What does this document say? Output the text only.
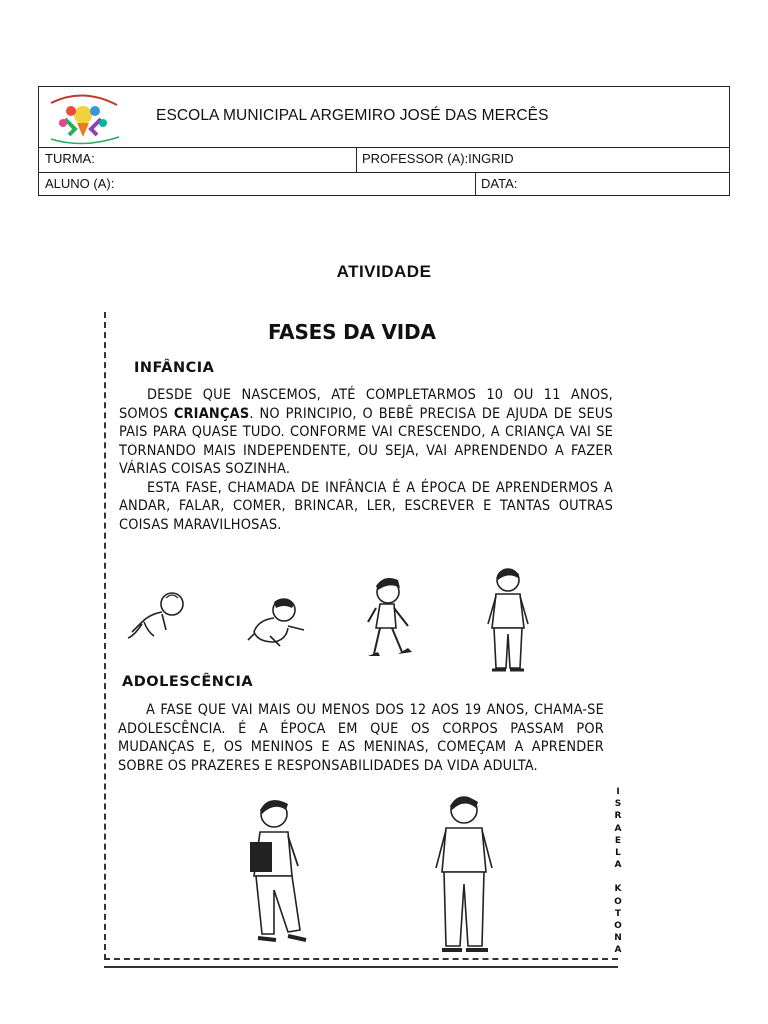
ESCOLA MUNICIPAL ARGEMIRO JOSÉ DAS MERCÊS
TURMA:	PROFESSOR (A):INGRID
ALUNO (A):	DATA:
ATIVIDADE
FASES DA VIDA
INFÂNCIA

DESDE QUE NASCEMOS, ATÉ COMPLETARMOS 10 OU 11 ANOS, SOMOS CRIANÇAS. NO PRINCIPIO, O BEBÊ PRECISA DE AJUDA DE SEUS PAIS PARA QUASE TUDO. CONFORME VAI CRESCENDO, A CRIANÇA VAI SE TORNANDO MAIS INDEPENDENTE, OU SEJA, VAI APRENDENDO A FAZER VÁRIAS COISAS SOZINHA.

ESTA FASE, CHAMADA DE INFÂNCIA É A ÉPOCA DE APRENDERMOS A ANDAR, FALAR, COMER, BRINCAR, LER, ESCREVER E TANTAS OUTRAS COISAS MARAVILHOSAS.

ADOLESCÊNCIA

A FASE QUE VAI MAIS OU MENOS DOS 12 AOS 19 ANOS, CHAMA-SE ADOLESCÊNCIA. É A ÉPOCA EM QUE OS CORPOS PASSAM POR MUDANÇAS E, OS MENINOS E AS MENINAS, COMEÇAM A APRENDER SOBRE OS PRAZERES E RESPONSABILIDADES DA VIDA ADULTA.

I
S
R
A
E
L
A

K
O
T
O
N
A
